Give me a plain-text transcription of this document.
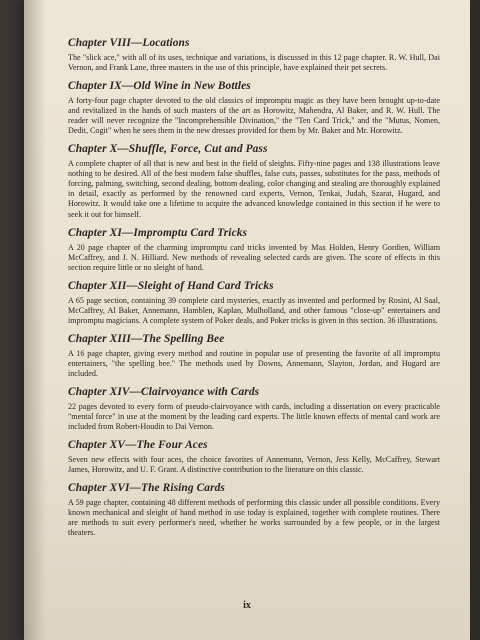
Chapter VIII—Locations

The "slick ace," with all of its uses, technique and variations, is discussed in this 12 page chapter. R. W. Hull, Dai Vernon, and Frank Lane, three masters in the use of this principle, have explained their pet secrets.

Chapter IX—Old Wine in New Bottles

A forty-four page chapter devoted to the old classics of impromptu magic as they have been brought up-to-date and revitalized in the hands of such masters of the art as Horowitz, Mahendra, Al Baker, and R. W. Hull. The reader will never recognize the "Incomprehensible Divination," the "Ten Card Trick," and the "Mutus, Nomen, Dedit, Cogit" when he sees them in the new dresses provided for them by Mr. Baker and Mr. Horowitz.

Chapter X—Shuffle, Force, Cut and Pass

A complete chapter of all that is new and best in the field of sleights. Fifty-nine pages and 138 illustrations leave nothing to be desired. All of the best modern false shuffles, false cuts, passes, substitutes for the pass, methods of forcing, palming, switching, second dealing, bottom dealing, color changing and stealing are thoroughly explained in detail, exactly as performed by the renowned card experts, Vernon, Tenkai, Judah, Szarat, Hugard, and Horowitz. It would take one a lifetime to acquire the advanced knowledge contained in this section if he were to seek it out for himself.

Chapter XI—Impromptu Card Tricks

A 20 page chapter of the charming impromptu card tricks invented by Max Holden, Henry Gordien, William McCaffrey, and J. N. Hilliard. New methods of revealing selected cards are given. The score of effects in this section require little or no sleight of hand.

Chapter XII—Sleight of Hand Card Tricks

A 65 page section, containing 39 complete card mysteries, exactly as invented and performed by Rosini, Al Saal, McCaffrey, Al Baker, Annemann, Hamblen, Kaplan, Mulholland, and other famous "close-up" entertainers and impromptu magicians. A complete system of Poker deals, and Poker tricks is given in this section. 36 illustrations.

Chapter XIII—The Spelling Bee

A 16 page chapter, giving every method and routine in popular use of presenting the favorite of all impromptu entertainers, "the spelling bee." The methods used by Downs, Annemann, Slayton, Jordan, and Hugard are included.

Chapter XIV—Clairvoyance with Cards

22 pages devoted to every form of pseudo-clairvoyance with cards, including a dissertation on every practicable "mental force" in use at the moment by the leading card experts. The little known effects of mental card work are included from Robert-Houdin to Dai Vernon.

Chapter XV—The Four Aces

Seven new effects with four aces, the choice favorites of Annemann, Vernon, Jess Kelly, McCaffrey, Stewart James, Horowitz, and U. F. Grant. A distinctive contribution to the literature on this classic.

Chapter XVI—The Rising Cards

A 59 page chapter, containing 48 different methods of performing this classic under all possible conditions. Every known mechanical and sleight of hand method in use today is explained, together with complete routines. There are methods to suit every performer's need, whether he works surrounded by a few people, or in the largest theaters.

ix
